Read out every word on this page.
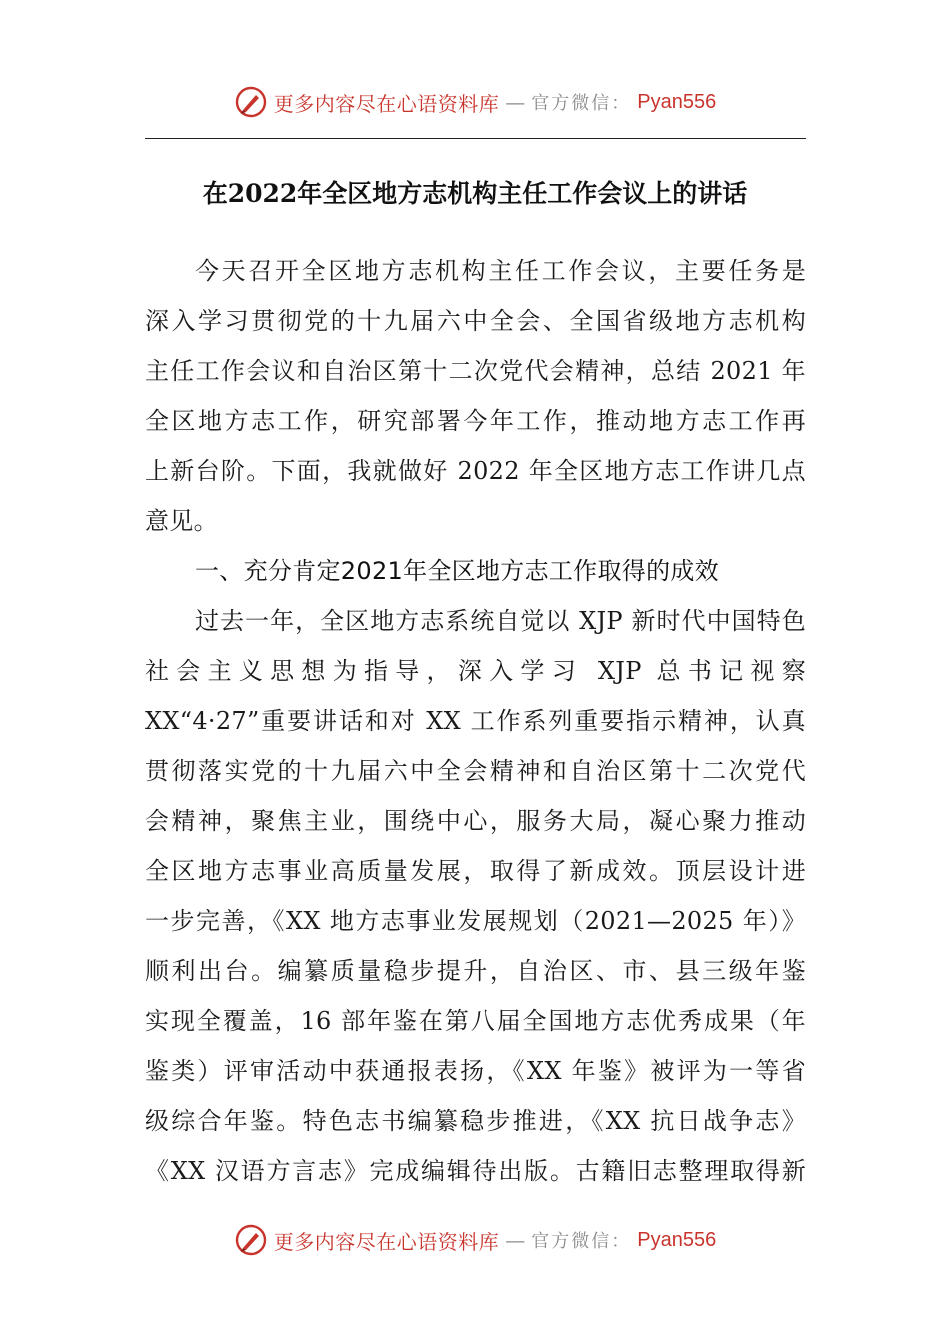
更多内容尽在心语资料库 — 官方微信： Pyan556
在2022年全区地方志机构主任工作会议上的讲话
今天召开全区地方志机构主任工作会议，主要任务是
深入学习贯彻党的十九届六中全会、全国省级地方志机构
主任工作会议和自治区第十二次党代会精神，总结 2021 年
全区地方志工作，研究部署今年工作，推动地方志工作再
上新台阶。下面，我就做好 2022 年全区地方志工作讲几点
意见。
一、充分肯定2021年全区地方志工作取得的成效
过去一年，全区地方志系统自觉以 XJP 新时代中国特色
社会主义思想为指导，深入学习 XJP 总书记视察
XX“4·27”重要讲话和对 XX 工作系列重要指示精神，认真
贯彻落实党的十九届六中全会精神和自治区第十二次党代
会精神，聚焦主业，围绕中心，服务大局，凝心聚力推动
全区地方志事业高质量发展，取得了新成效。顶层设计进
一步完善，《XX 地方志事业发展规划（2021—2025 年）》
顺利出台。编纂质量稳步提升，自治区、市、县三级年鉴
实现全覆盖，16 部年鉴在第八届全国地方志优秀成果（年
鉴类）评审活动中获通报表扬，《XX 年鉴》被评为一等省
级综合年鉴。特色志书编纂稳步推进，《XX 抗日战争志》
《XX 汉语方言志》完成编辑待出版。古籍旧志整理取得新
更多内容尽在心语资料库 — 官方微信： Pyan556
